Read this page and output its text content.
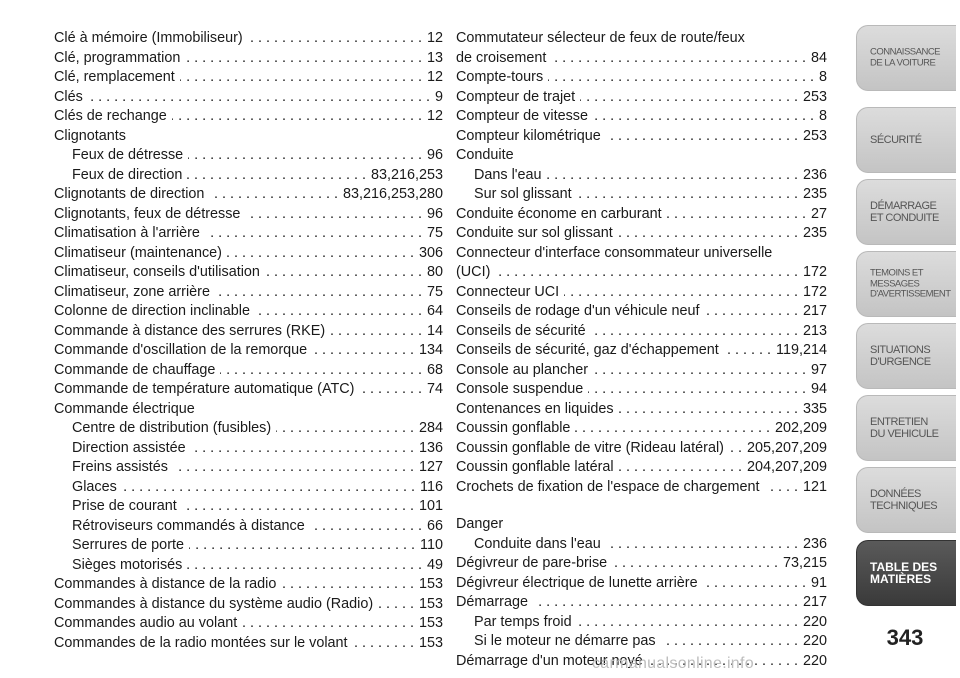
Clé à mémoire (Immobiliseur) . . .	12
Clé, programmation . . .	13
Clé, remplacement . . .	12
Clés . . .	9
Clés de rechange . . .	12
Clignotants
Feux de détresse . . .	96
Feux de direction . . .	83,216,253
Clignotants de direction . . .	83,216,253,280
Clignotants, feux de détresse . . .	96
Climatisation à l'arrière . . .	75
Climatiseur (maintenance) . . .	306
Climatiseur, conseils d'utilisation . . .	80
Climatiseur, zone arrière . . .	75
Colonne de direction inclinable . . .	64
Commande à distance des serrures (RKE) . . .	14
Commande d'oscillation de la remorque . . .	134
Commande de chauffage . . .	68
Commande de température automatique (ATC) . . .	74
Commande électrique
Centre de distribution (fusibles) . . .	284
Direction assistée . . .	136
Freins assistés . . .	127
Glaces . . .	116
Prise de courant . . .	101
Rétroviseurs commandés à distance . . .	66
Serrures de porte . . .	110
Sièges motorisés . . .	49
Commandes à distance de la radio . . .	153
Commandes à distance du système audio (Radio) . . .	153
Commandes audio au volant . . .	153
Commandes de la radio montées sur le volant . . .	153
Commutateur sélecteur de feux de route/feux
de croisement . . .	84
Compte-tours . . .	8
Compteur de trajet . . .	253
Compteur de vitesse . . .	8
Compteur kilométrique . . .	253
Conduite
Dans l'eau . . .	236
Sur sol glissant . . .	235
Conduite économe en carburant . . .	27
Conduite sur sol glissant . . .	235
Connecteur d'interface consommateur universelle
(UCI) . . .	172
Connecteur UCI . . .	172
Conseils de rodage d'un véhicule neuf . . .	217
Conseils de sécurité . . .	213
Conseils de sécurité, gaz d'échappement . . .	119,214
Console au plancher . . .	97
Console suspendue . . .	94
Contenances en liquides . . .	335
Coussin gonflable . . .	202,209
Coussin gonflable de vitre (Rideau latéral) . . . 205,207,209
Coussin gonflable latéral . . .	204,207,209
Crochets de fixation de l'espace de chargement . . .	121
Danger
Conduite dans l'eau . . .	236
Dégivreur de pare-brise . . .	73,215
Dégivreur électrique de lunette arrière . . .	91
Démarrage . . .	217
Par temps froid . . .	220
Si le moteur ne démarre pas . . .	220
Démarrage d'un moteur noyé . . .	220
CONNAISSANCE
DE LA VOITURE
SÉCURITÉ
DÉMARRAGE
ET CONDUITE
TEMOINS ET
MESSAGES
D'AVERTISSEMENT
SITUATIONS
D'URGENCE
ENTRETIEN
DU VEHICULE
DONNÉES
TECHNIQUES
TABLE DES
MATIÈRES
343
carmanualsonline.info
